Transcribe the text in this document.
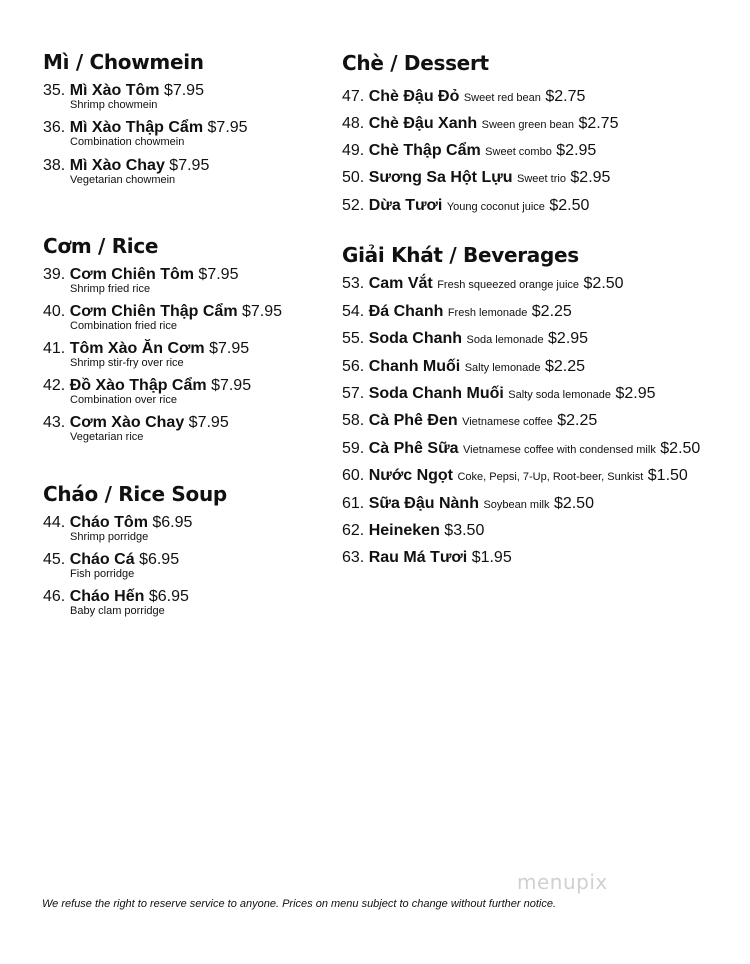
Mì / Chowmein
35. Mì Xào Tôm $7.95
Shrimp chowmein
36. Mì Xào Thập Cẩm $7.95
Combination chowmein
38. Mì Xào Chay $7.95
Vegetarian chowmein
Cơm / Rice
39. Cơm Chiên Tôm $7.95
Shrimp fried rice
40. Cơm Chiên Thập Cẩm $7.95
Combination fried rice
41. Tôm Xào Ăn Cơm $7.95
Shrimp stir-fry over rice
42. Đồ Xào Thập Cẩm $7.95
Combination over rice
43. Cơm Xào Chay $7.95
Vegetarian rice
Cháo / Rice Soup
44. Cháo Tôm $6.95
Shrimp porridge
45. Cháo Cá $6.95
Fish porridge
46. Cháo Hến $6.95
Baby clam porridge
Chè / Dessert
47. Chè Đậu Đỏ Sweet red bean $2.75
48. Chè Đậu Xanh Sween green bean $2.75
49. Chè Thập Cẩm Sweet combo $2.95
50. Sương Sa Hột Lựu Sweet trio $2.95
52. Dừa Tươi Young coconut juice $2.50
Giải Khát / Beverages
53. Cam Vắt Fresh squeezed orange juice $2.50
54. Đá Chanh Fresh lemonade $2.25
55. Soda Chanh Soda lemonade $2.95
56. Chanh Muối Salty lemonade $2.25
57. Soda Chanh Muối Salty soda lemonade $2.95
58. Cà Phê Đen Vietnamese coffee $2.25
59. Cà Phê Sữa Vietnamese coffee with condensed milk $2.50
60. Nước Ngọt Coke, Pepsi, 7-Up, Root-beer, Sunkist $1.50
61. Sữa Đậu Nành Soybean milk $2.50
62. Heineken $3.50
63. Rau Má Tươi $1.95
menupix
We refuse the right to reserve service to anyone. Prices on menu subject to change without further notice.
